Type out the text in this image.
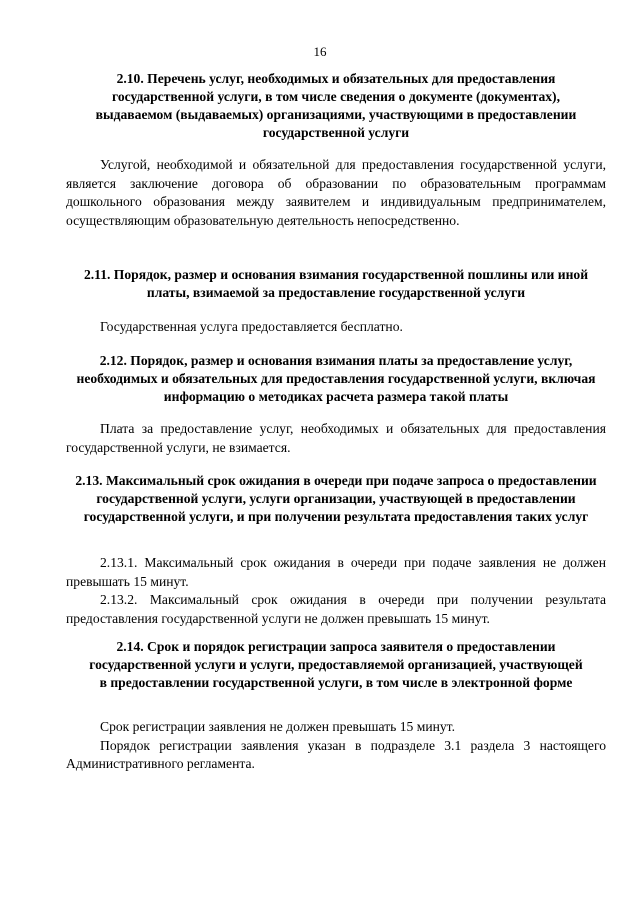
16

2.10. Перечень услуг, необходимых и обязательных для предоставления государственной услуги, в том числе сведения о документе (документах), выдаваемом (выдаваемых) организациями, участвующими в предоставлении государственной услуги

Услугой, необходимой и обязательной для предоставления государственной услуги, является заключение договора об образовании по образовательным программам дошкольного образования между заявителем и индивидуальным предпринимателем, осуществляющим образовательную деятельность непосредственно.

2.11. Порядок, размер и основания взимания государственной пошлины или иной платы, взимаемой за предоставление государственной услуги

Государственная услуга предоставляется бесплатно.

2.12. Порядок, размер и основания взимания платы за предоставление услуг, необходимых и обязательных для предоставления государственной услуги, включая информацию о методиках расчета размера такой платы

Плата за предоставление услуг, необходимых и обязательных для предоставления государственной услуги, не взимается.

2.13. Максимальный срок ожидания в очереди при подаче запроса о предоставлении государственной услуги, услуги организации, участвующей в предоставлении государственной услуги, и при получении результата предоставления таких услуг

2.13.1. Максимальный срок ожидания в очереди при подаче заявления не должен превышать 15 минут.

2.13.2. Максимальный срок ожидания в очереди при получении результата предоставления государственной услуги не должен превышать 15 минут.

2.14. Срок и порядок регистрации запроса заявителя о предоставлении государственной услуги и услуги, предоставляемой организацией, участвующей в предоставлении государственной услуги, в том числе в электронной форме

Срок регистрации заявления не должен превышать 15 минут.

Порядок регистрации заявления указан в подразделе 3.1 раздела 3 настоящего Административного регламента.
